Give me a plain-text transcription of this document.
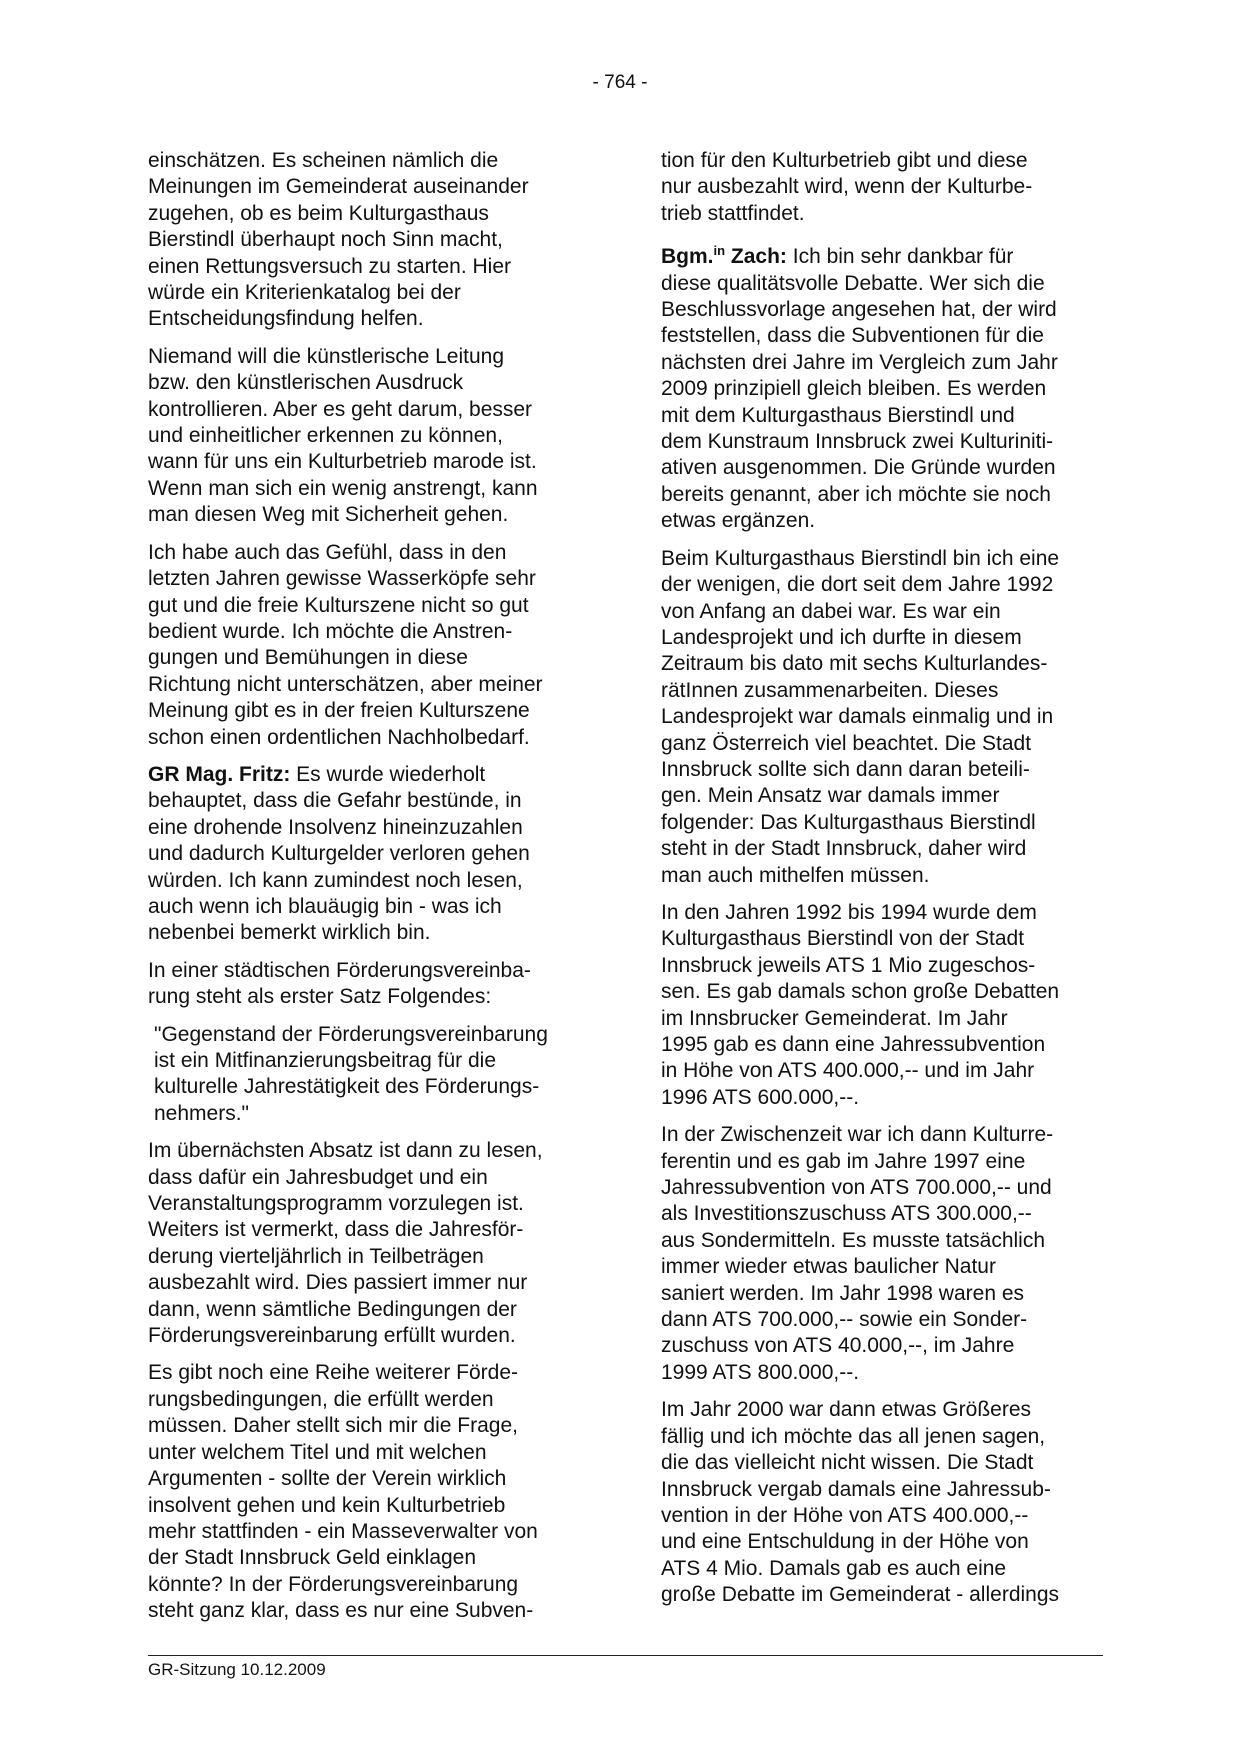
- 764 -

einschätzen. Es scheinen nämlich die
Meinungen im Gemeinderat auseinander
zugehen, ob es beim Kulturgasthaus
Bierstindl überhaupt noch Sinn macht,
einen Rettungsversuch zu starten. Hier
würde ein Kriterienkatalog bei der
Entscheidungsfindung helfen.

Niemand will die künstlerische Leitung
bzw. den künstlerischen Ausdruck
kontrollieren. Aber es geht darum, besser
und einheitlicher erkennen zu können,
wann für uns ein Kulturbetrieb marode ist.
Wenn man sich ein wenig anstrengt, kann
man diesen Weg mit Sicherheit gehen.

Ich habe auch das Gefühl, dass in den
letzten Jahren gewisse Wasserköpfe sehr
gut und die freie Kulturszene nicht so gut
bedient wurde. Ich möchte die Anstren-
gungen und Bemühungen in diese
Richtung nicht unterschätzen, aber meiner
Meinung gibt es in der freien Kulturszene
schon einen ordentlichen Nachholbedarf.

GR Mag. Fritz: Es wurde wiederholt
behauptet, dass die Gefahr bestünde, in
eine drohende Insolvenz hineinzuzahlen
und dadurch Kulturgelder verloren gehen
würden. Ich kann zumindest noch lesen,
auch wenn ich blauäugig bin - was ich
nebenbei bemerkt wirklich bin.

In einer städtischen Förderungsvereinba-
rung steht als erster Satz Folgendes:

"Gegenstand der Förderungsvereinbarung
ist ein Mitfinanzierungsbeitrag für die
kulturelle Jahrestätigkeit des Förderungs-
nehmers."

Im übernächsten Absatz ist dann zu lesen,
dass dafür ein Jahresbudget und ein
Veranstaltungsprogramm vorzulegen ist.
Weiters ist vermerkt, dass die Jahresför-
derung vierteljährlich in Teilbeträgen
ausbezahlt wird. Dies passiert immer nur
dann, wenn sämtliche Bedingungen der
Förderungsvereinbarung erfüllt wurden.

Es gibt noch eine Reihe weiterer Förde-
rungsbedingungen, die erfüllt werden
müssen. Daher stellt sich mir die Frage,
unter welchem Titel und mit welchen
Argumenten - sollte der Verein wirklich
insolvent gehen und kein Kulturbetrieb
mehr stattfinden - ein Masseverwalter von
der Stadt Innsbruck Geld einklagen
könnte? In der Förderungsvereinbarung
steht ganz klar, dass es nur eine Subven-

tion für den Kulturbetrieb gibt und diese
nur ausbezahlt wird, wenn der Kulturbe-
trieb stattfindet.

Bgm.$^{in}$ Zach: Ich bin sehr dankbar für
diese qualitätsvolle Debatte. Wer sich die
Beschlussvorlage angesehen hat, der wird
feststellen, dass die Subventionen für die
nächsten drei Jahre im Vergleich zum Jahr
2009 prinzipiell gleich bleiben. Es werden
mit dem Kulturgasthaus Bierstindl und
dem Kunstraum Innsbruck zwei Kulturiniti-
ativen ausgenommen. Die Gründe wurden
bereits genannt, aber ich möchte sie noch
etwas ergänzen.

Beim Kulturgasthaus Bierstindl bin ich eine
der wenigen, die dort seit dem Jahre 1992
von Anfang an dabei war. Es war ein
Landesprojekt und ich durfte in diesem
Zeitraum bis dato mit sechs Kulturlandes-
rätInnen zusammenarbeiten. Dieses
Landesprojekt war damals einmalig und in
ganz Österreich viel beachtet. Die Stadt
Innsbruck sollte sich dann daran beteili-
gen. Mein Ansatz war damals immer
folgender: Das Kulturgasthaus Bierstindl
steht in der Stadt Innsbruck, daher wird
man auch mithelfen müssen.

In den Jahren 1992 bis 1994 wurde dem
Kulturgasthaus Bierstindl von der Stadt
Innsbruck jeweils ATS 1 Mio zugeschos-
sen. Es gab damals schon große Debatten
im Innsbrucker Gemeinderat. Im Jahr
1995 gab es dann eine Jahressubvention
in Höhe von ATS 400.000,-- und im Jahr
1996 ATS 600.000,--.

In der Zwischenzeit war ich dann Kulturre-
ferentin und es gab im Jahre 1997 eine
Jahressubvention von ATS 700.000,-- und
als Investitionszuschuss ATS 300.000,--
aus Sondermitteln. Es musste tatsächlich
immer wieder etwas baulicher Natur
saniert werden. Im Jahr 1998 waren es
dann ATS 700.000,-- sowie ein Sonder-
zuschuss von ATS 40.000,--, im Jahre
1999 ATS 800.000,--.

Im Jahr 2000 war dann etwas Größeres
fällig und ich möchte das all jenen sagen,
die das vielleicht nicht wissen. Die Stadt
Innsbruck vergab damals eine Jahressub-
vention in der Höhe von ATS 400.000,--
und eine Entschuldung in der Höhe von
ATS 4 Mio. Damals gab es auch eine
große Debatte im Gemeinderat - allerdings

GR-Sitzung 10.12.2009
